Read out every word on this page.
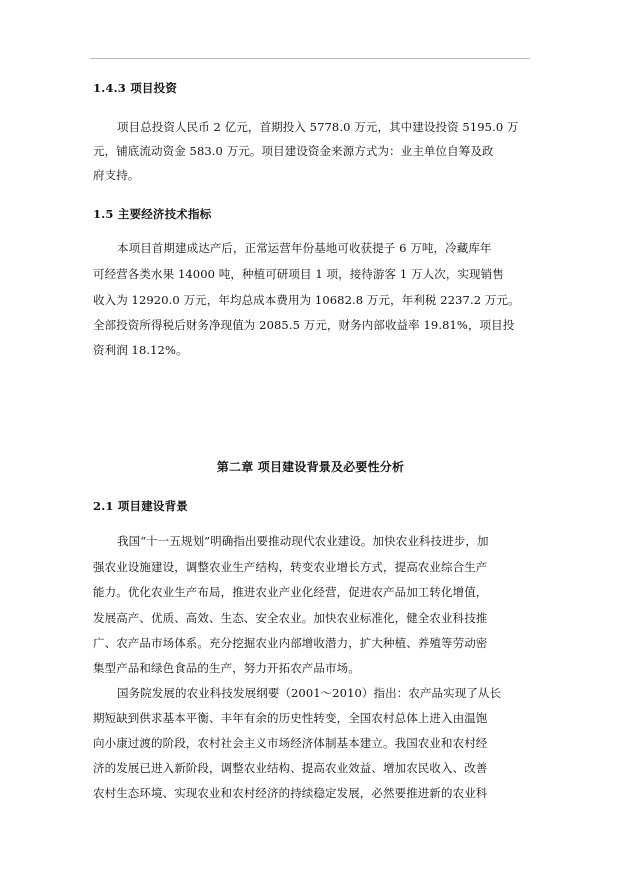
1.4.3 项目投资
项目总投资人民币 2 亿元，首期投入 5778.0 万元，其中建设投资 5195.0 万
元，铺底流动资金 583.0 万元。项目建设资金来源方式为：业主单位自筹及政
府支持。
1.5 主要经济技术指标
本项目首期建成达产后，正常运营年份基地可收获提子 6 万吨，冷藏库年
可经营各类水果 14000 吨，种植可研项目 1 项，接待游客 1 万人次，实现销售
收入为 12920.0 万元，年均总成本费用为 10682.8 万元，年利税 2237.2 万元。
全部投资所得税后财务净现值为 2085.5 万元，财务内部收益率 19.81%，项目投
资利润 18.12%。
第二章 项目建设背景及必要性分析
2.1 项目建设背景
我国“十一五规划”明确指出要推动现代农业建设。加快农业科技进步，加
强农业设施建设，调整农业生产结构，转变农业增长方式，提高农业综合生产
能力。优化农业生产布局，推进农业产业化经营，促进农产品加工转化增值，
发展高产、优质、高效、生态、安全农业。加快农业标准化，健全农业科技推
广、农产品市场体系。充分挖掘农业内部增收潜力，扩大种植、养殖等劳动密
集型产品和绿色食品的生产，努力开拓农产品市场。
国务院发展的农业科技发展纲要（2001～2010）指出：农产品实现了从长
期短缺到供求基本平衡、丰年有余的历史性转变，全国农村总体上进入由温饱
向小康过渡的阶段，农村社会主义市场经济体制基本建立。我国农业和农村经
济的发展已进入新阶段，调整农业结构、提高农业效益、增加农民收入、改善
农村生态环境、实现农业和农村经济的持续稳定发展，必然要推进新的农业科
